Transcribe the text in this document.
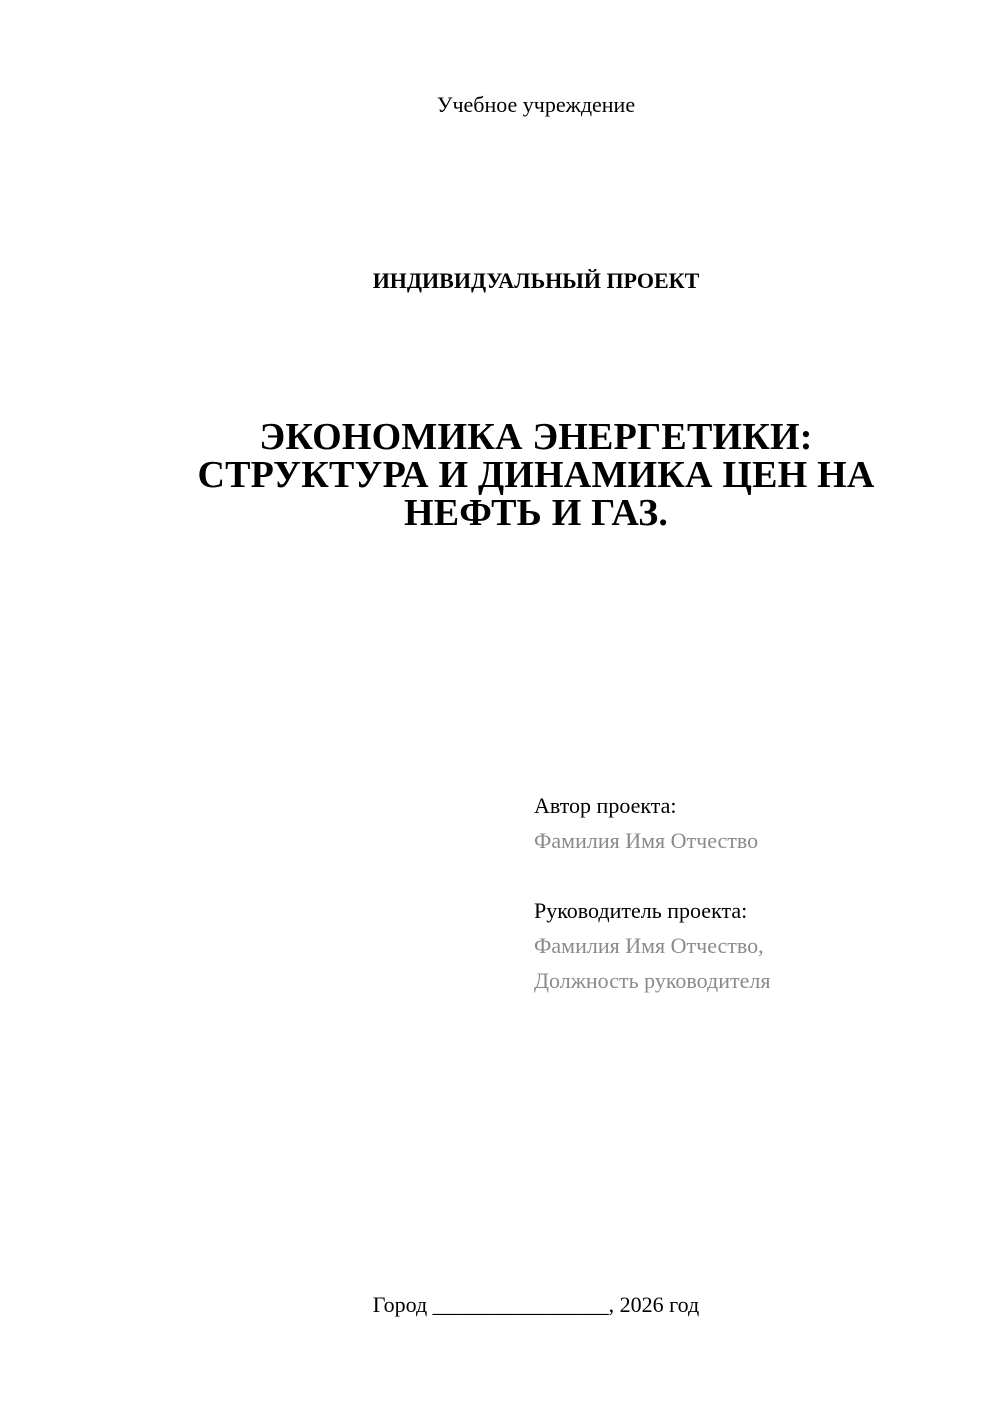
Учебное учреждение
ИНДИВИДУАЛЬНЫЙ ПРОЕКТ
ЭКОНОМИКА ЭНЕРГЕТИКИ:
СТРУКТУРА И ДИНАМИКА ЦЕН НА
НЕФТЬ И ГАЗ.
Автор проекта:
Фамилия Имя Отчество
Руководитель проекта:
Фамилия Имя Отчество,
Должность руководителя
Город ________________, 2026 год
